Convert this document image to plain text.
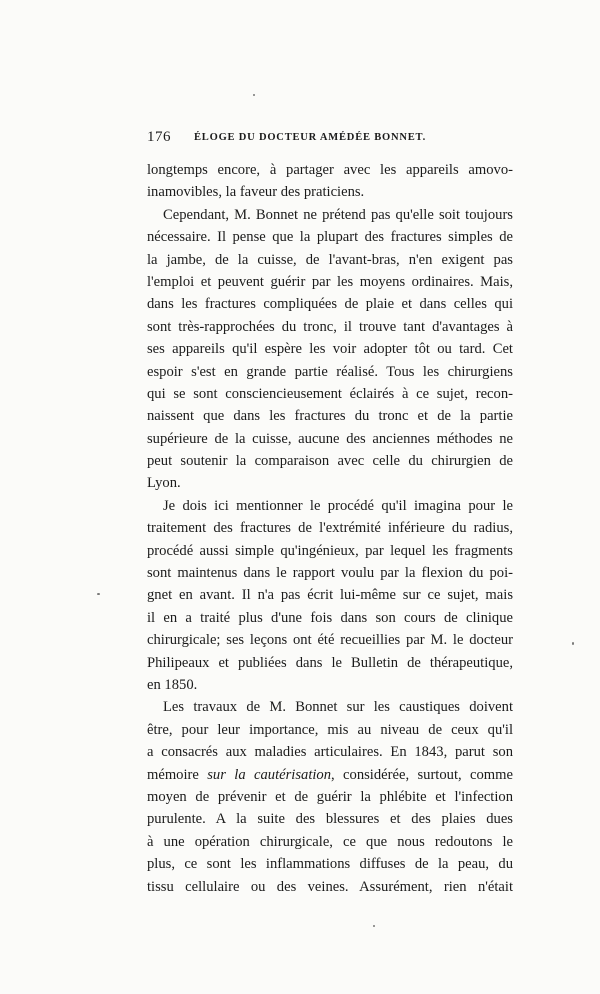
176 ÉLOGE DU DOCTEUR AMÉDÉE BONNET.
longtemps encore, à partager avec les appareils amovo-
inamovibles, la faveur des praticiens.
Cependant, M. Bonnet ne prétend pas qu'elle soit toujours
nécessaire. Il pense que la plupart des fractures simples de
la jambe, de la cuisse, de l'avant-bras, n'en exigent pas
l'emploi et peuvent guérir par les moyens ordinaires. Mais,
dans les fractures compliquées de plaie et dans celles qui
sont très-rapprochées du tronc, il trouve tant d'avantages à
ses appareils qu'il espère les voir adopter tôt ou tard. Cet
espoir s'est en grande partie réalisé. Tous les chirurgiens
qui se sont consciencieusement éclairés à ce sujet, recon-
naissent que dans les fractures du tronc et de la partie
supérieure de la cuisse, aucune des anciennes méthodes ne
peut soutenir la comparaison avec celle du chirurgien de
Lyon.
Je dois ici mentionner le procédé qu'il imagina pour le
traitement des fractures de l'extrémité inférieure du radius,
procédé aussi simple qu'ingénieux, par lequel les fragments
sont maintenus dans le rapport voulu par la flexion du poi-
gnet en avant. Il n'a pas écrit lui-même sur ce sujet, mais
il en a traité plus d'une fois dans son cours de clinique
chirurgicale; ses leçons ont été recueillies par M. le docteur
Philipeaux et publiées dans le Bulletin de thérapeutique,
en 1850.
Les travaux de M. Bonnet sur les caustiques doivent
être, pour leur importance, mis au niveau de ceux qu'il
a consacrés aux maladies articulaires. En 1843, parut son
mémoire sur la cautérisation, considérée, surtout, comme
moyen de prévenir et de guérir la phlébite et l'infection
purulente. A la suite des blessures et des plaies dues
à une opération chirurgicale, ce que nous redoutons le
plus, ce sont les inflammations diffuses de la peau, du
tissu cellulaire ou des veines. Assurément, rien n'était
